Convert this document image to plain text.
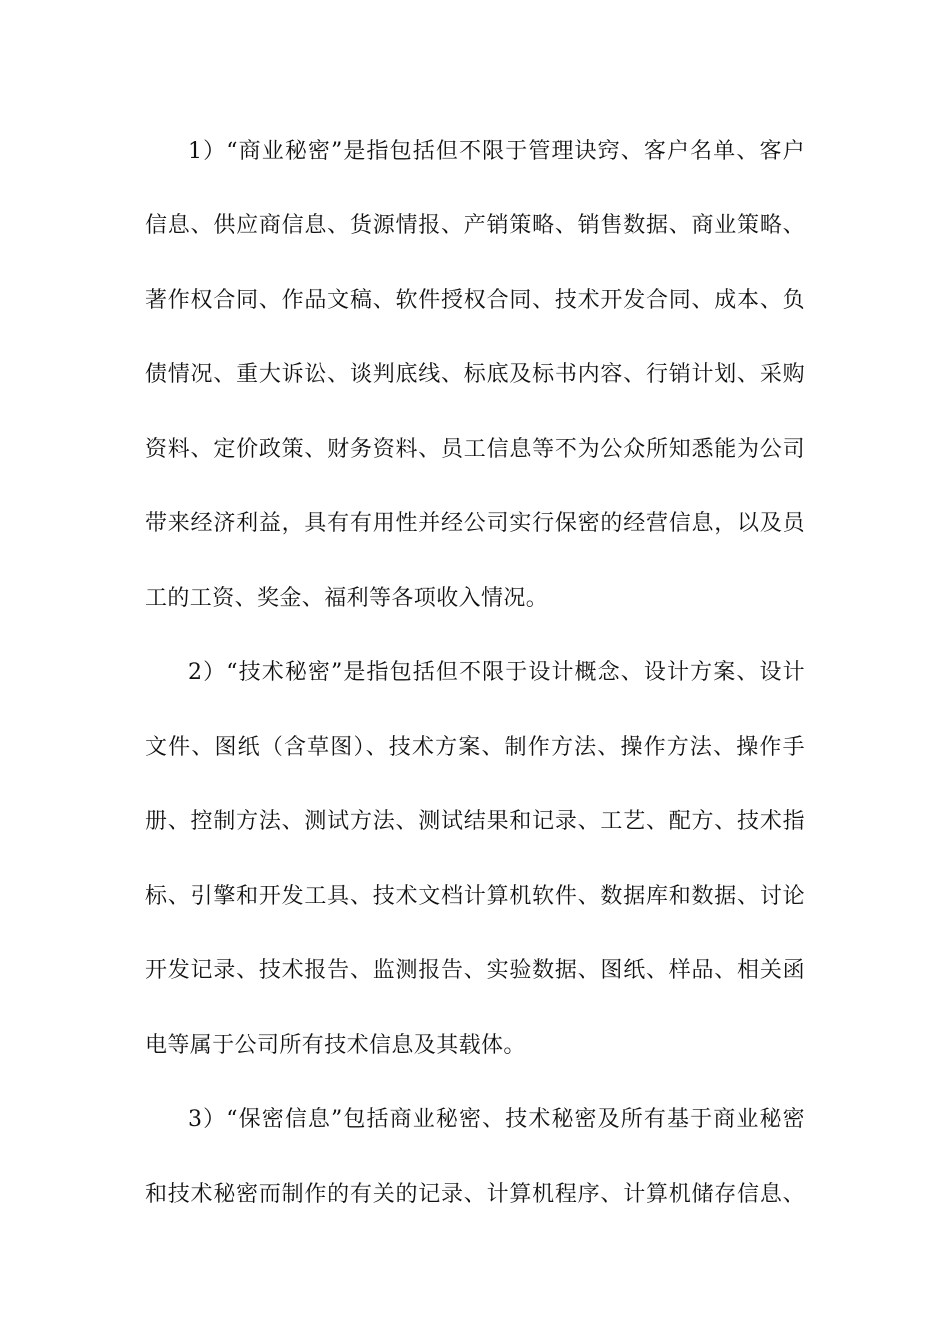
1）“商业秘密”是指包括但不限于管理诀窍、客户名单、客户
信息、供应商信息、货源情报、产销策略、销售数据、商业策略、
著作权合同、作品文稿、软件授权合同、技术开发合同、成本、负
债情况、重大诉讼、谈判底线、标底及标书内容、行销计划、采购
资料、定价政策、财务资料、员工信息等不为公众所知悉能为公司
带来经济利益，具有有用性并经公司实行保密的经营信息，以及员
工的工资、奖金、福利等各项收入情况。
2）“技术秘密”是指包括但不限于设计概念、设计方案、设计
文件、图纸（含草图）、技术方案、制作方法、操作方法、操作手
册、控制方法、测试方法、测试结果和记录、工艺、配方、技术指
标、引擎和开发工具、技术文档计算机软件、数据库和数据、讨论
开发记录、技术报告、监测报告、实验数据、图纸、样品、相关函
电等属于公司所有技术信息及其载体。
3）“保密信息”包括商业秘密、技术秘密及所有基于商业秘密
和技术秘密而制作的有关的记录、计算机程序、计算机储存信息、
